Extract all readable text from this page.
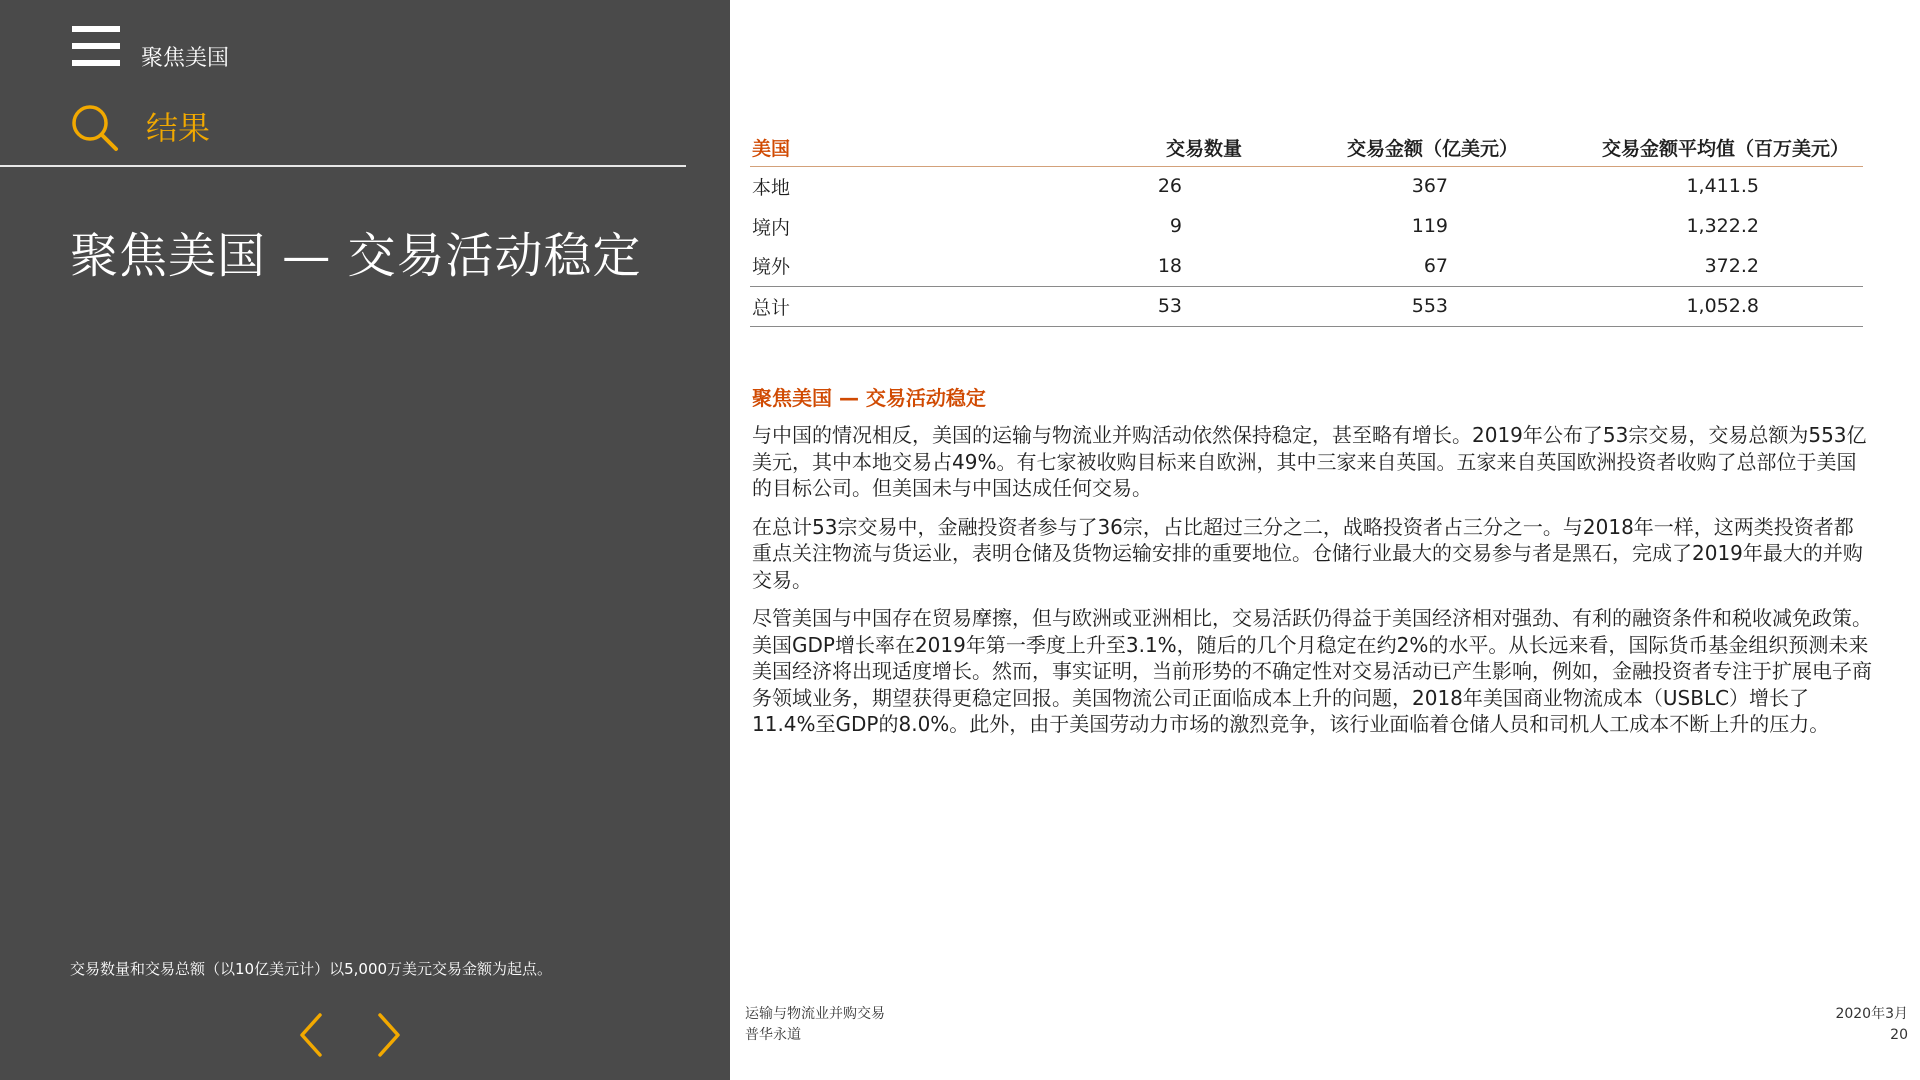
聚焦美国
结果
聚焦美国 — 交易活动稳定
交易数量和交易总额（以10亿美元计）以5,000万美元交易金额为起点。
美国	交易数量	交易金额（亿美元）	交易金额平均值（百万美元）
本地	26	367	1,411.5
境内	9	119	1,322.2
境外	18	67	372.2
总计	53	553	1,052.8
聚焦美国 — 交易活动稳定

与中国的情况相反，美国的运输与物流业并购活动依然保持稳定，甚至略有增长。2019年公布了53宗交易，交易总额为553亿美元，其中本地交易占49%。有七家被收购目标来自欧洲，其中三家来自英国。五家来自英国欧洲投资者收购了总部位于美国的目标公司。但美国未与中国达成任何交易。

在总计53宗交易中，金融投资者参与了36宗，占比超过三分之二，战略投资者占三分之一。与2018年一样，这两类投资者都重点关注物流与货运业，表明仓储及货物运输安排的重要地位。仓储行业最大的交易参与者是黑石，完成了2019年最大的并购交易。

尽管美国与中国存在贸易摩擦，但与欧洲或亚洲相比，交易活跃仍得益于美国经济相对强劲、有利的融资条件和税收减免政策。美国GDP增长率在2019年第一季度上升至3.1%，随后的几个月稳定在约2%的水平。从长远来看，国际货币基金组织预测未来美国经济将出现适度增长。然而，事实证明，当前形势的不确定性对交易活动已产生影响，例如，金融投资者专注于扩展电子商务领域业务，期望获得更稳定回报。美国物流公司正面临成本上升的问题，2018年美国商业物流成本（USBLC）增长了11.4%至GDP的8.0%。此外，由于美国劳动力市场的激烈竞争，该行业面临着仓储人员和司机人工成本不断上升的压力。

运输与物流业并购交易
普华永道
2020年3月
20
